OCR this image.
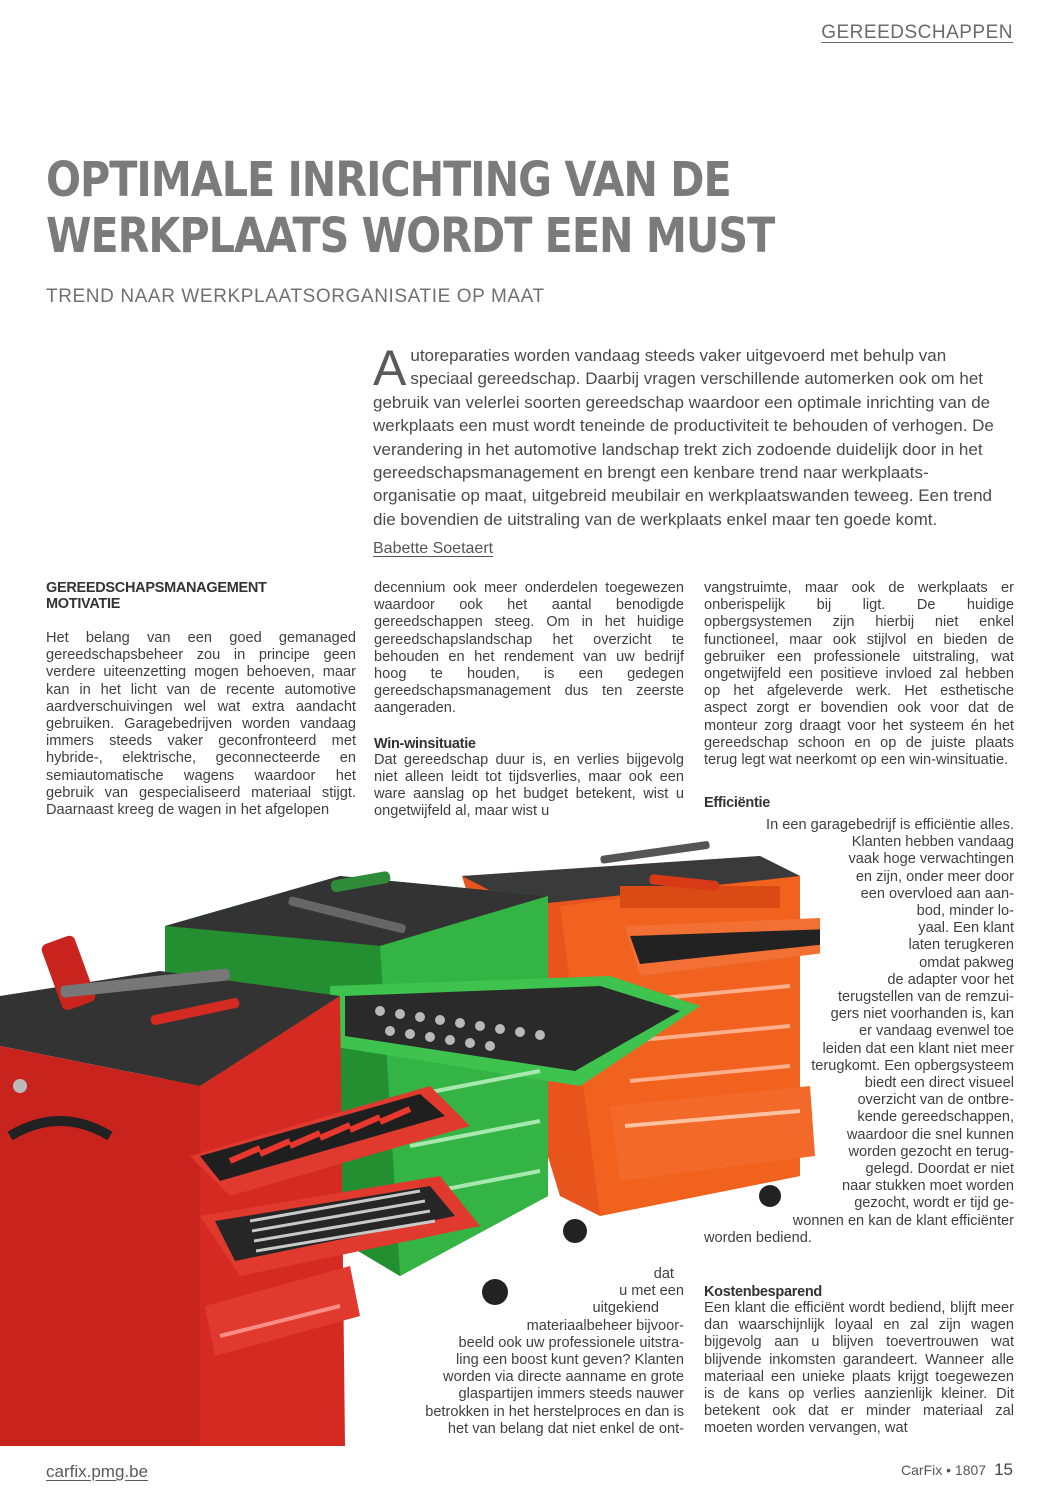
GEREEDSCHAPPEN
OPTIMALE INRICHTING VAN DE
WERKPLAATS WORDT EEN MUST
TREND NAAR WERKPLAATSORGANISATIE OP MAAT
A utoreparaties worden vandaag steeds vaker uitgevoerd met behulp van
speciaal gereedschap. Daarbij vragen verschillende automerken ook om het
gebruik van velerlei soorten gereedschap waardoor een optimale inrichting van de
werkplaats een must wordt teneinde de productiviteit te behouden of verhogen. De
verandering in het automotive landschap trekt zich zodoende duidelijk door in het
gereedschapsmanagement en brengt een kenbare trend naar werkplaats-
organisatie op maat, uitgebreid meubilair en werkplaatswanden teweeg. Een trend
die bovendien de uitstraling van de werkplaats enkel maar ten goede komt.
Babette Soetaert
GEREEDSCHAPSMANAGEMENT
MOTIVATIE

Het belang van een goed gemanaged gereedschapsbeheer zou in principe geen verdere uiteenzetting mogen behoeven, maar kan in het licht van de recente automotive aardverschuivingen wel wat extra aandacht gebruiken. Garagebedrijven worden vandaag immers steeds vaker geconfronteerd met hybride-, elektrische, geconnecteerde en semiautomatische wagens waardoor het gebruik van gespecialiseerd materiaal stijgt. Daarnaast kreeg de wagen in het afgelopen

decennium ook meer onderdelen toegewezen waardoor ook het aantal benodigde gereedschappen steeg. Om in het huidige gereedschapslandschap het overzicht te behouden en het rendement van uw bedrijf hoog te houden, is een gedegen gereedschapsmanagement dus ten zeerste aangeraden.

Win-winsituatie

Dat gereedschap duur is, en verlies bijgevolg niet alleen leidt tot tijdsverlies, maar ook een ware aanslag op het budget betekent, wist u ongetwijfeld al, maar wist u

dat
u met een
uitgekiend
materiaalbeheer bijvoor-
beeld ook uw professionele uitstra-
ling een boost kunt geven? Klanten
worden via directe aanname en grote
glaspartijen immers steeds nauwer
betrokken in het herstelproces en dan is
het van belang dat niet enkel de ont-

vangstruimte, maar ook de werkplaats er onberispelijk bij ligt. De huidige opbergsystemen zijn hierbij niet enkel functioneel, maar ook stijlvol en bieden de gebruiker een professionele uitstraling, wat ongetwijfeld een positieve invloed zal hebben op het afgeleverde werk. Het esthetische aspect zorgt er bovendien ook voor dat de monteur zorg draagt voor het systeem én het gereedschap schoon en op de juiste plaats terug legt wat neerkomt op een win-winsituatie.

Efficiëntie
In een garagebedrijf is efficiëntie alles.
Klanten hebben vandaag
vaak hoge verwachtingen
en zijn, onder meer door
een overvloed aan aan-
bod, minder lo-
yaal. Een klant
laten terugkeren
omdat pakweg
de adapter voor het
terugstellen van de remzui-
gers niet voorhanden is, kan
er vandaag evenwel toe
leiden dat een klant niet meer
terugkomt. Een opbergsysteem
biedt een direct visueel
overzicht van de ontbre-
kende gereedschappen,
waardoor die snel kunnen
worden gezocht en terug-
gelegd. Doordat er niet
naar stukken moet worden
gezocht, wordt er tijd ge-
wonnen en kan de klant efficiënter
worden bediend.
Kostenbesparend

Een klant die efficiënt wordt bediend, blijft meer dan waarschijnlijk loyaal en zal zijn wagen bijgevolg aan u blijven toevertrouwen wat blijvende inkomsten garandeert. Wanneer alle materiaal een unieke plaats krijgt toegewezen is de kans op verlies aanzienlijk kleiner. Dit betekent ook dat er minder materiaal zal moeten worden vervangen, wat

carfix.pmg.be	CarFix • 1807 15
